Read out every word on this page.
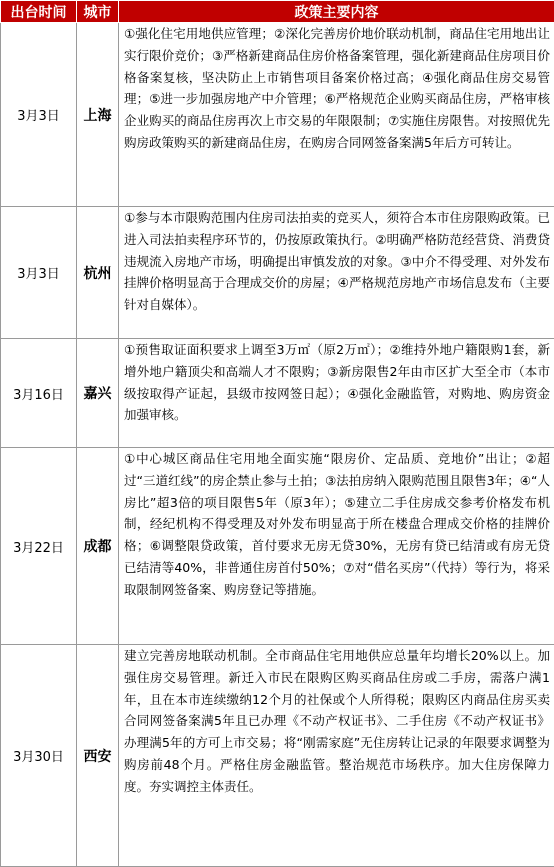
出台时间	城市	政策主要内容
3月3日	上海	①强化住宅用地供应管理；②深化完善房价地价联动机制，商品住宅用地出让实行限价竞价；③严格新建商品住房价格备案管理，强化新建商品住房项目价格备案复核，坚决防止上市销售项目备案价格过高；④强化商品住房交易管理；⑤进一步加强房地产中介管理；⑥严格规范企业购买商品住房，严格审核企业购买的商品住房再次上市交易的年限限制；⑦实施住房限售。对按照优先购房政策购买的新建商品住房，在购房合同网签备案满5年后方可转让。
3月3日	杭州	①参与本市限购范围内住房司法拍卖的竞买人，须符合本市住房限购政策。已进入司法拍卖程序环节的，仍按原政策执行。②明确严格防范经营贷、消费贷违规流入房地产市场，明确提出审慎发放的对象。③中介不得受理、对外发布挂牌价格明显高于合理成交价的房屋；④严格规范房地产市场信息发布（主要针对自媒体）。
3月16日	嘉兴	①预售取证面积要求上调至3万㎡（原2万㎡）；②维持外地户籍限购1套，新增外地户籍顶尖和高端人才不限购；③新房限售2年由市区扩大至全市（本市级按取得产证起，县级市按网签日起）；④强化金融监管，对购地、购房资金加强审核。
3月22日	成都	①中心城区商品住宅用地全面实施“限房价、定品质、竞地价”出让；②超过“三道红线”的房企禁止参与土拍；③法拍房纳入限购范围且限售3年；④“人房比”超3倍的项目限售5年（原3年）；⑤建立二手住房成交参考价格发布机制，经纪机构不得受理及对外发布明显高于所在楼盘合理成交价格的挂牌价格；⑥调整限贷政策，首付要求无房无贷30%，无房有贷已结清或有房无贷已结清等40%，非普通住房首付50%；⑦对“借名买房”（代持）等行为，将采取限制网签备案、购房登记等措施。
3月30日	西安	建立完善房地联动机制。全市商品住宅用地供应总量年均增长20%以上。加强住房交易管理。新迁入市民在限购区购买商品住房或二手房，需落户满1年，且在本市连续缴纳12个月的社保或个人所得税；限购区内商品住房买卖合同网签备案满5年且已办理《不动产权证书》、二手住房《不动产权证书》办理满5年的方可上市交易；将“刚需家庭”无住房转让记录的年限要求调整为购房前48个月。严格住房金融监管。整治规范市场秩序。加大住房保障力度。夯实调控主体责任。
